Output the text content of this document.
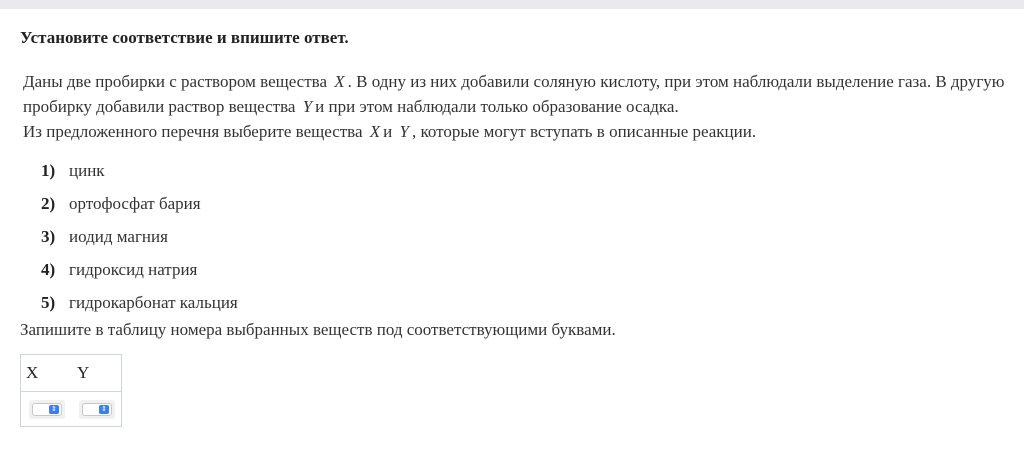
Установите соответствие и впишите ответ.
Даны две пробирки с раствором вещества X . В одну из них добавили соляную кислоту, при этом наблюдали выделение газа. В другую пробирку добавили раствор вещества Y и при этом наблюдали только образование осадка.
Из предложенного перечня выберите вещества X и Y , которые могут вступать в описанные реакции.
1) цинк
2) ортофосфат бария
3) иодид магния
4) гидроксид натрия
5) гидрокарбонат кальция
Запишите в таблицу номера выбранных веществ под соответствующими буквами.
X Y
⇕	⇕
